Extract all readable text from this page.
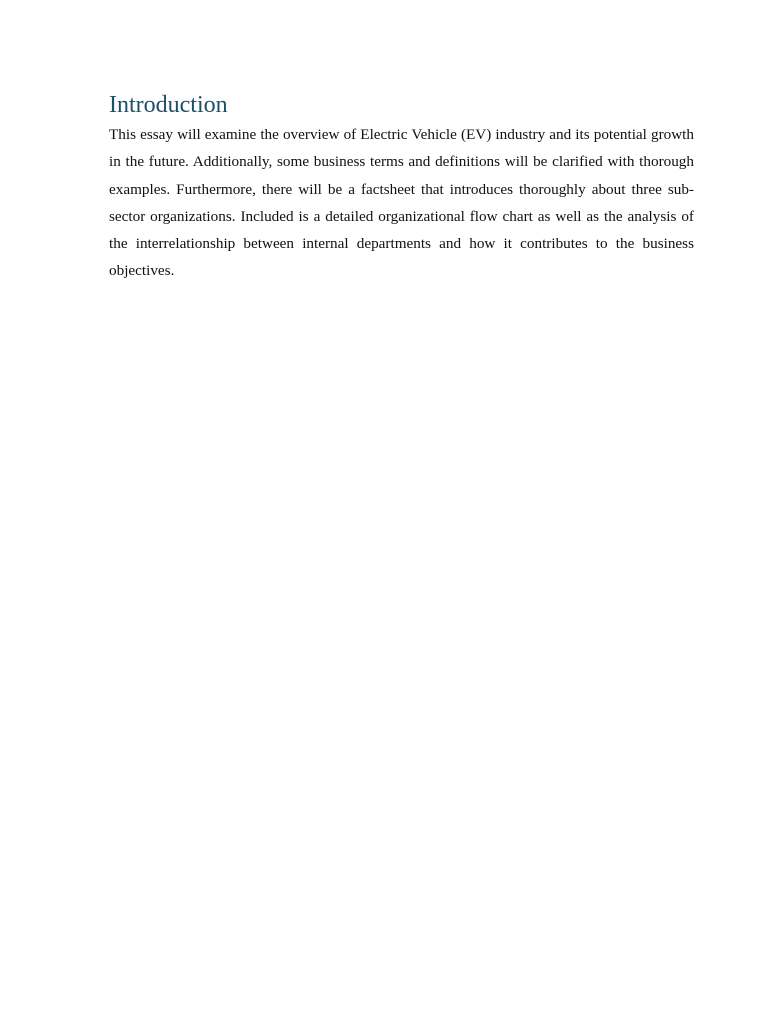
Introduction

This essay will examine the overview of Electric Vehicle (EV) industry and its potential growth in the future. Additionally, some business terms and definitions will be clarified with thorough examples. Furthermore, there will be a factsheet that introduces thoroughly about three sub-sector organizations. Included is a detailed organizational flow chart as well as the analysis of the interrelationship between internal departments and how it contributes to the business objectives.
